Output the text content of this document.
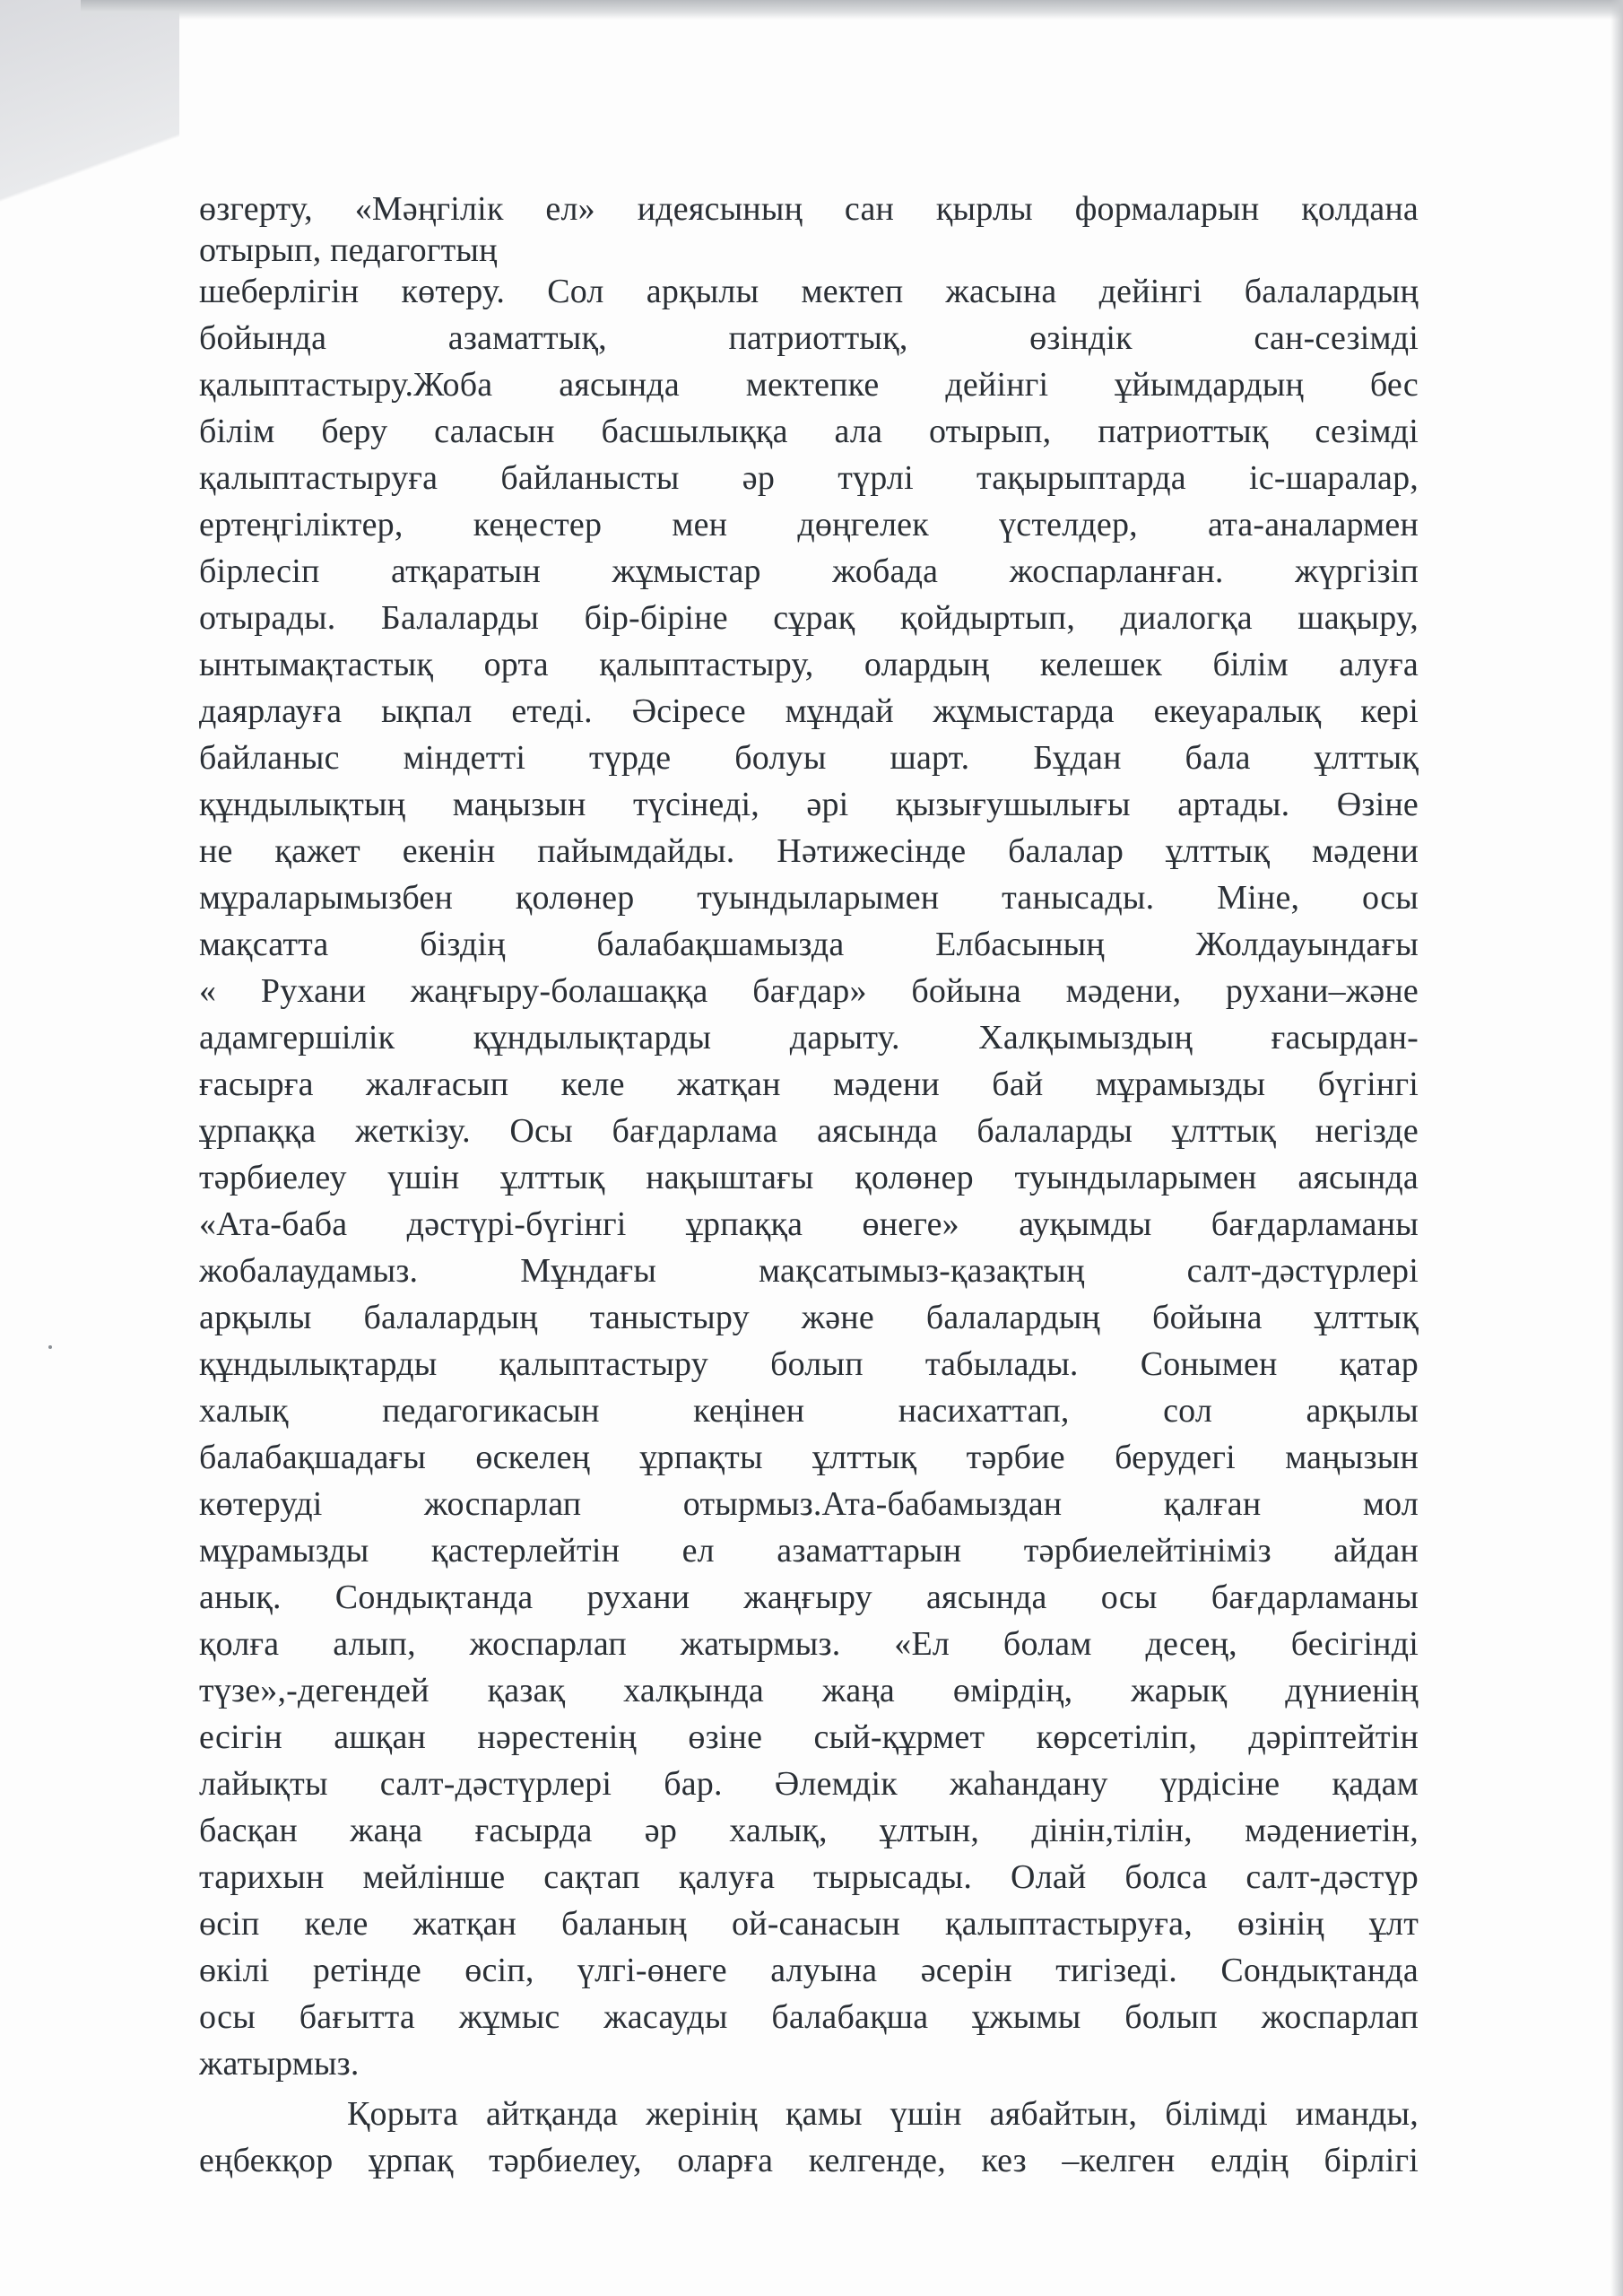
өзгерту, «Мәңгілік ел» идеясының сан қырлы формаларын қолдана
отырып, педагогтың
шеберлігін көтеру. Сол арқылы мектеп жасына дейінгі балалардың
бойында азаматтық, патриоттық, өзіндік сан-сезімді
қалыптастыру.Жоба аясында мектепке дейінгі ұйымдардың бес
білім беру саласын басшылыққа ала отырып, патриоттық сезімді
қалыптастыруға байланысты әр түрлі тақырыптарда іс-шаралар,
ертеңгіліктер, кеңестер мен дөңгелек үстелдер, ата-аналармен
бірлесіп атқаратын жұмыстар жобада жоспарланған. жүргізіп
отырады. Балаларды бір-біріне сұрақ қойдыртып, диалогқа шақыру,
ынтымақтастық орта қалыптастыру, олардың келешек білім алуға
даярлауға ықпал етеді. Әсіресе мұндай жұмыстарда екеуаралық кері
байланыс міндетті түрде болуы шарт. Бұдан бала ұлттық
құндылықтың маңызын түсінеді, әрі қызығушылығы артады. Өзіне
не қажет екенін пайымдайды. Нәтижесінде балалар ұлттық мәдени
мұраларымызбен қолөнер туындыларымен танысады. Міне, осы
мақсатта біздің балабақшамызда Елбасының Жолдауындағы
« Рухани жаңғыру-болашаққа бағдар» бойына мәдени, рухани–және
адамгершілік құндылықтарды дарыту. Халқымыздың ғасырдан-
ғасырға жалғасып келе жатқан мәдени бай мұрамызды бүгінгі
ұрпаққа жеткізу. Осы бағдарлама аясында балаларды ұлттық негізде
тәрбиелеу үшін ұлттық нақыштағы қолөнер туындыларымен аясында
«Ата-баба дәстүрі-бүгінгі ұрпаққа өнеге» ауқымды бағдарламаны
жобалаудамыз. Мұндағы мақсатымыз-қазақтың салт-дәстүрлері
арқылы балалардың таныстыру және балалардың бойына ұлттық
құндылықтарды қалыптастыру болып табылады. Сонымен қатар
халық педагогикасын кеңінен насихаттап, сол арқылы
балабақшадағы өскелең ұрпақты ұлттық тәрбие берудегі маңызын
көтеруді жоспарлап отырмыз.Ата-бабамыздан қалған мол
мұрамызды қастерлейтін ел азаматтарын тәрбиелейтініміз айдан
анық. Сондықтанда рухани жаңғыру аясында осы бағдарламаны
қолға алып, жоспарлап жатырмыз. «Ел болам десең, бесігінді
түзе»,-дегендей қазақ халқында жаңа өмірдің, жарық дүниенің
есігін ашқан нәрестенің өзіне сый-құрмет көрсетіліп, дәріптейтін
лайықты салт-дәстүрлері бар. Әлемдік жаһандану үрдісіне қадам
басқан жаңа ғасырда әр халық, ұлтын, дінін,тілін, мәдениетін,
тарихын мейлінше сақтап қалуға тырысады. Олай болса салт-дәстүр
өсіп келе жатқан баланың ой-санасын қалыптастыруға, өзінің ұлт
өкілі ретінде өсіп, үлгі-өнеге алуына әсерін тигізеді. Сондықтанда
осы бағытта жұмыс жасауды балабақша ұжымы болып жоспарлап
жатырмыз.
Қорыта айтқанда жерінің қамы үшін аябайтын, білімді иманды,
еңбекқор ұрпақ тәрбиелеу, оларға келгенде, кез –келген елдің бірлігі
